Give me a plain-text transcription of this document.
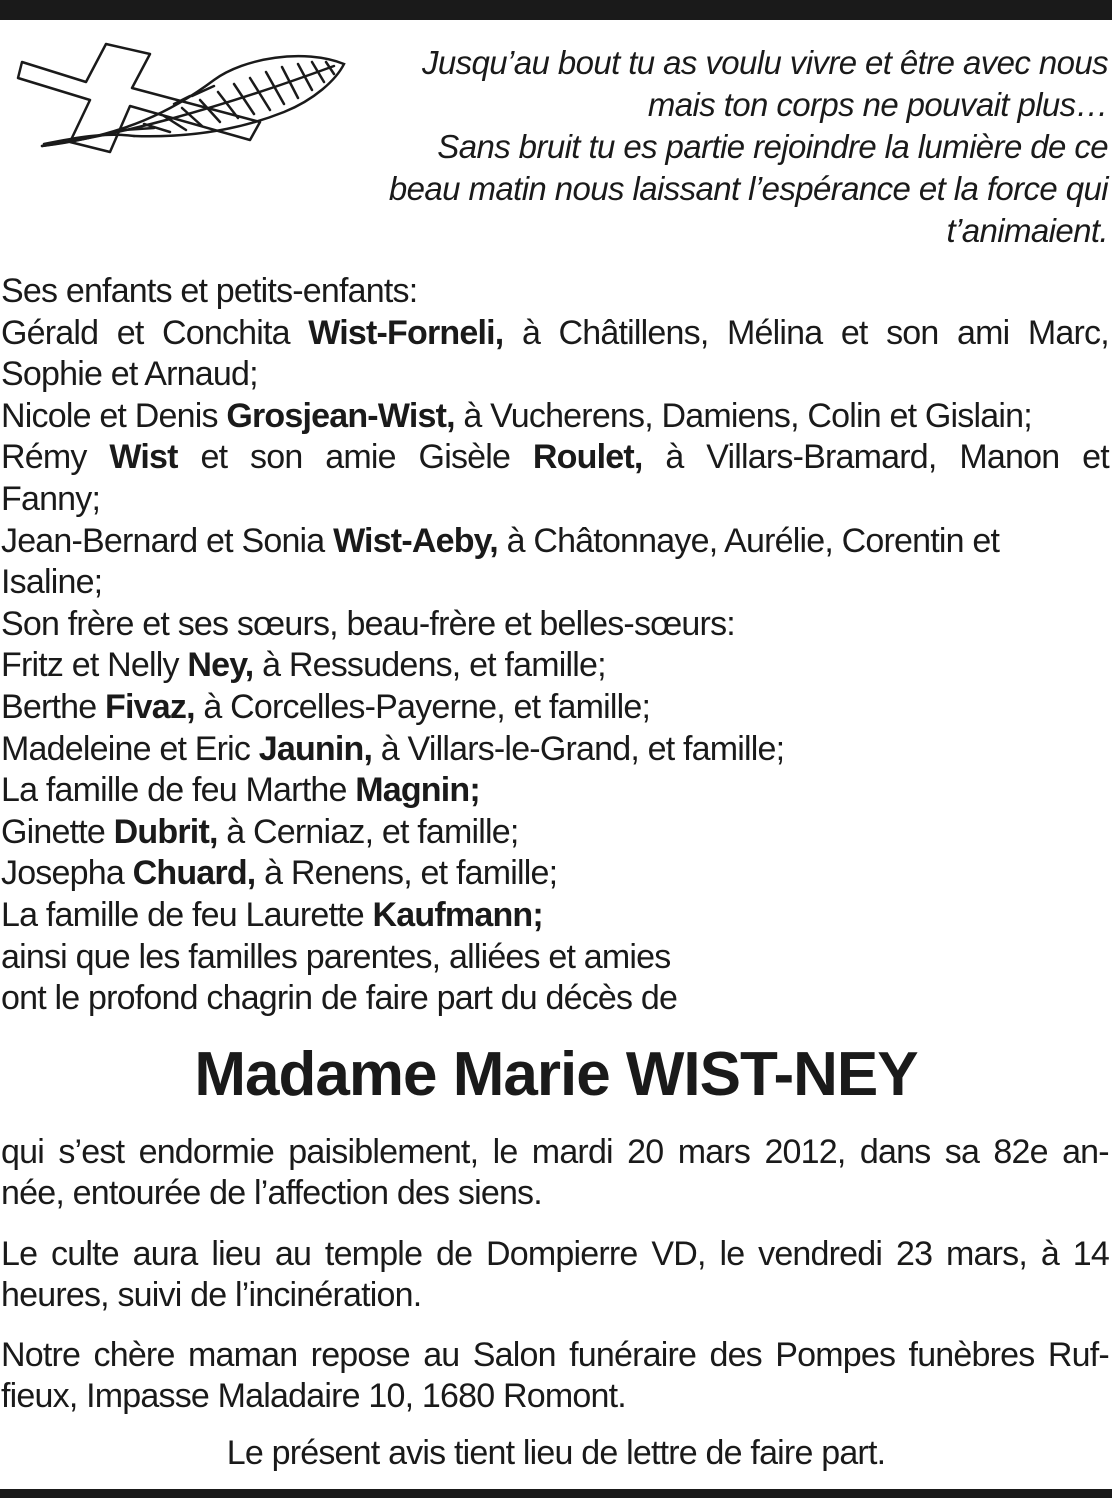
Jusqu’au bout tu as voulu vivre et être avec nous
mais ton corps ne pouvait plus…
Sans bruit tu es partie rejoindre la lumière de ce
beau matin nous laissant l’espérance et la force qui
t’animaient.
Ses enfants et petits-enfants:
Gérald et Conchita Wist-Forneli, à Châtillens, Mélina et son ami Marc,
Sophie et Arnaud;
Nicole et Denis Grosjean-Wist, à Vucherens, Damiens, Colin et Gislain;
Rémy Wist et son amie Gisèle Roulet, à Villars-Bramard, Manon et
Fanny;
Jean-Bernard et Sonia Wist-Aeby, à Châtonnaye, Aurélie, Corentin et
Isaline;
Son frère et ses sœurs, beau-frère et belles-sœurs:
Fritz et Nelly Ney, à Ressudens, et famille;
Berthe Fivaz, à Corcelles-Payerne, et famille;
Madeleine et Eric Jaunin, à Villars-le-Grand, et famille;
La famille de feu Marthe Magnin;
Ginette Dubrit, à Cerniaz, et famille;
Josepha Chuard, à Renens, et famille;
La famille de feu Laurette Kaufmann;
ainsi que les familles parentes, alliées et amies
ont le profond chagrin de faire part du décès de
Madame Marie WIST-NEY
qui s’est endormie paisiblement, le mardi 20 mars 2012, dans sa 82e an-
née, entourée de l’affection des siens.
Le culte aura lieu au temple de Dompierre VD, le vendredi 23 mars, à 14
heures, suivi de l’incinération.
Notre chère maman repose au Salon funéraire des Pompes funèbres Ruf-
fieux, Impasse Maladaire 10, 1680 Romont.
Le présent avis tient lieu de lettre de faire part.
